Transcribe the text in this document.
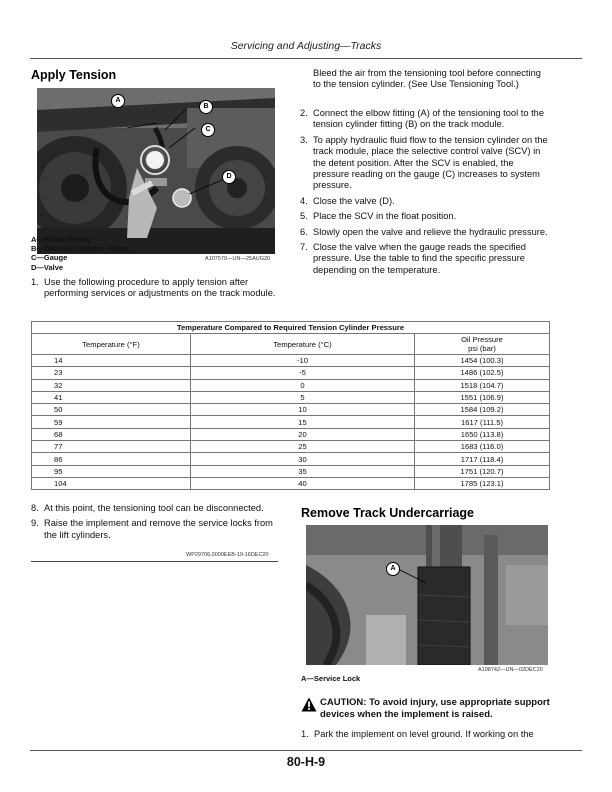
Servicing and Adjusting—Tracks
Apply Tension
A
B
C
D
A107570—UN—25AUG20
A—Elbow Fitting
B—Tension Cylinder Fitting
C—Gauge
D—Valve
1. Use the following procedure to apply tension after performing services or adjustments on the track module.
Bleed the air from the tensioning tool before connecting to the tension cylinder. (See Use Tensioning Tool.)
2. Connect the elbow fitting (A) of the tensioning tool to the tension cylinder fitting (B) on the track module.
3. To apply hydraulic fluid flow to the tension cylinder on the track module, place the selective control valve (SCV) in the detent position. After the SCV is enabled, the pressure reading on the gauge (C) increases to system pressure.
4. Close the valve (D).
5. Place the SCV in the float position.
6. Slowly open the valve and relieve the hydraulic pressure.
7. Close the valve when the gauge reads the specified pressure. Use the table to find the specific pressure depending on the temperature.
Temperature Compared to Required Tension Cylinder Pressure		
Temperature (°F)	Temperature (°C)	Oil Pressure
psi (bar)

14	-10	1454 (100.3)
23	-5	1486 (102.5)
32	0	1518 (104.7)
41	5	1551 (106.9)
50	10	1584 (109.2)
59	15	1617 (111.5)
68	20	1650 (113.8)
77	25	1683 (116.0)
86	30	1717 (118.4)
95	35	1751 (120.7)
104	40	1785 (123.1)
8. At this point, the tensioning tool can be disconnected.
9. Raise the implement and remove the service locks from the lift cylinders.
WP29706,0000EEB-19-16DEC20
Remove Track Undercarriage
A
A108742—UN—02DEC20
A—Service Lock
CAUTION: To avoid injury, use appropriate support devices when the implement is raised.
1. Park the implement on level ground. If working on the
80-H-9
